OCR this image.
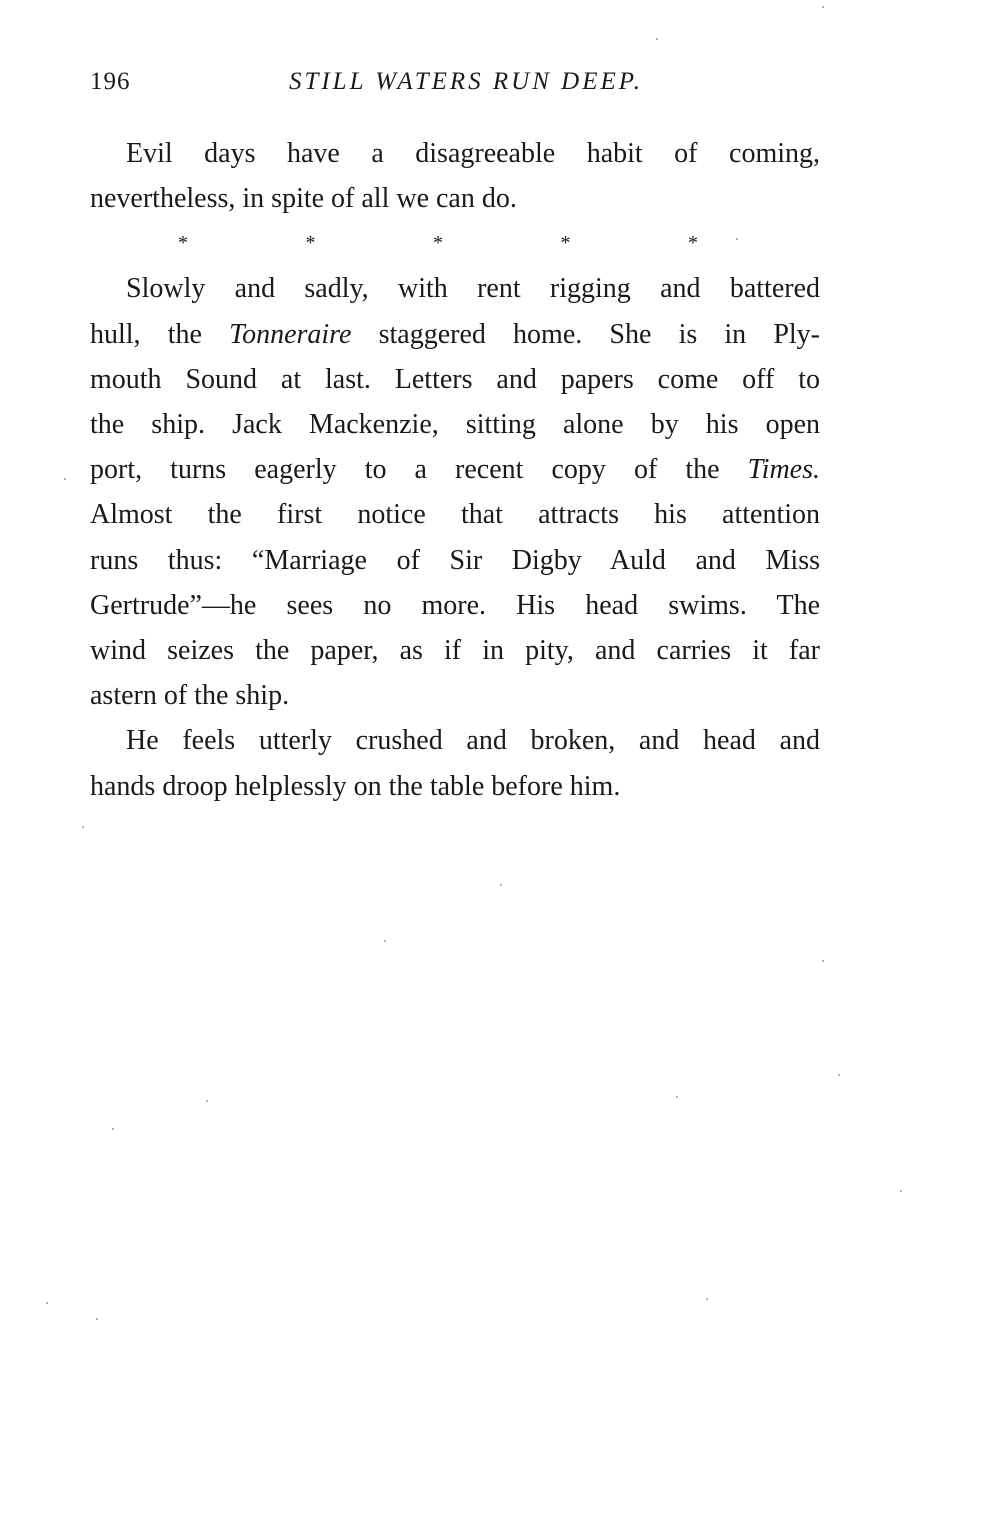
196	STILL WATERS RUN DEEP.
Evil days have a disagreeable habit of coming,
nevertheless, in spite of all we can do.
*	*	*	*	*
Slowly and sadly, with rent rigging and battered
hull, the Tonneraire staggered home. She is in Ply-
mouth Sound at last. Letters and papers come off to
the ship. Jack Mackenzie, sitting alone by his open
port, turns eagerly to a recent copy of the Times.
Almost the first notice that attracts his attention
runs thus: “Marriage of Sir Digby Auld and Miss
Gertrude”—he sees no more. His head swims. The
wind seizes the paper, as if in pity, and carries it far
astern of the ship.
He feels utterly crushed and broken, and head and
hands droop helplessly on the table before him.
